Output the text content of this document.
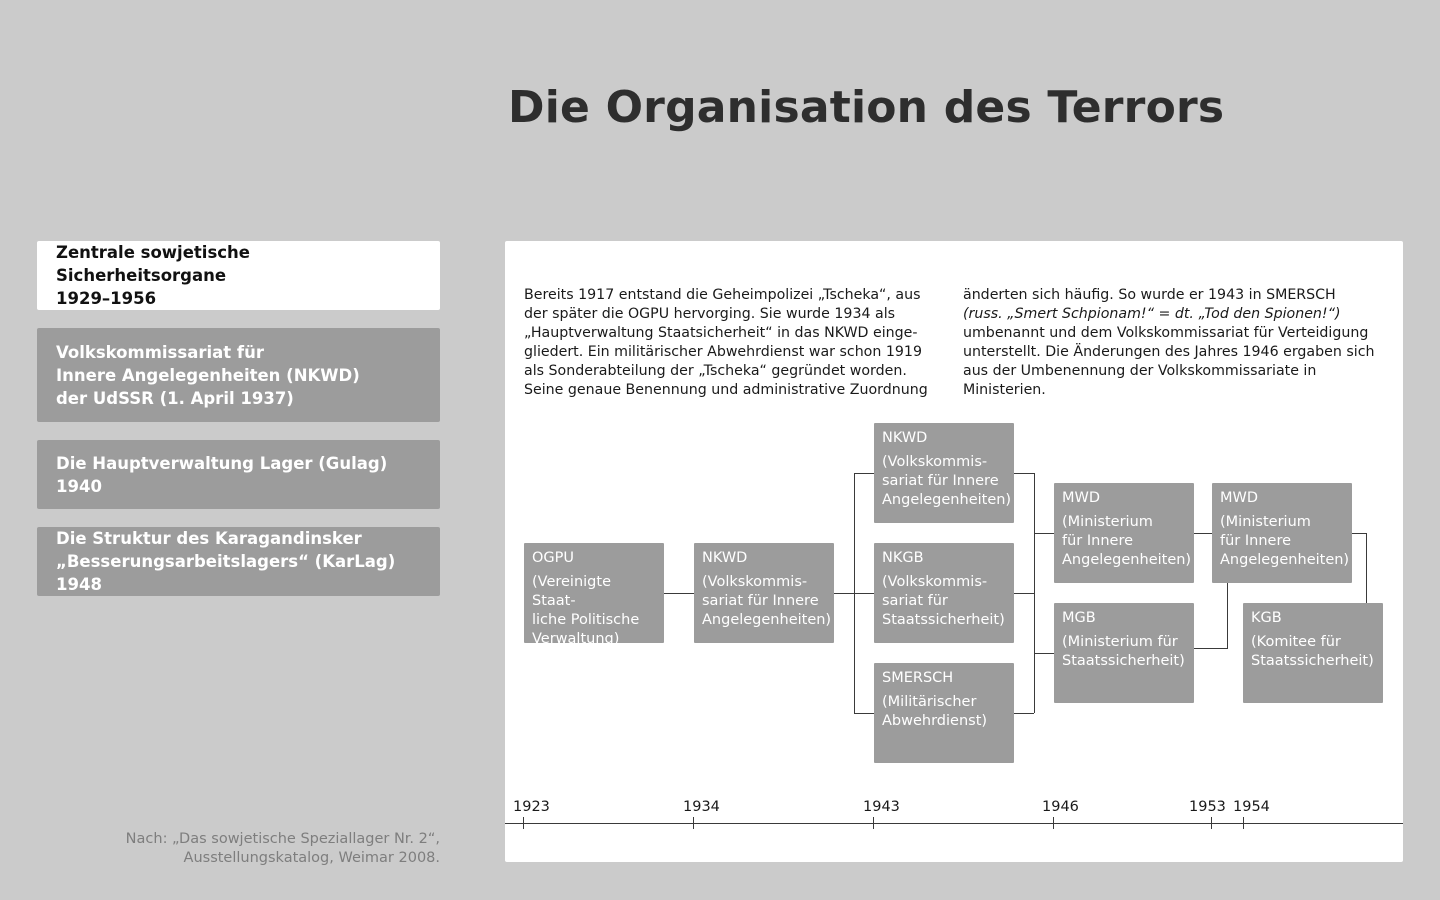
Die Organisation des Terrors
Zentrale sowjetische Sicherheitsorgane
1929–1956
Volkskommissariat für
Innere Angelegenheiten (NKWD)
der UdSSR (1. April 1937)
Die Hauptverwaltung Lager (Gulag) 1940
Die Struktur des Karagandinsker
„Besserungsarbeitslagers“ (KarLag) 1948
Nach: „Das sowjetische Speziallager Nr. 2“,
Ausstellungskatalog, Weimar 2008.
Bereits 1917 entstand die Geheimpolizei „Tscheka“, aus der später die OGPU hervorging. Sie wurde 1934 als „Hauptverwaltung Staatsicherheit“ in das NKWD eingegliedert. Ein militärischer Abwehrdienst war schon 1919 als Sonderabteilung der „Tscheka“ gegründet worden. Seine genaue Benennung und administrative Zuordnung
änderten sich häufig. So wurde er 1943 in SMERSCH
(russ. „Smert Schpionam!“ = dt. „Tod den Spionen!“)
umbenannt und dem Volkskommissariat für Verteidigung unterstellt. Die Änderungen des Jahres 1946 ergaben sich aus der Umbenennung der Volkskommissariate in Ministerien.
OGPU
(Vereinigte Staat-
liche Politische
Verwaltung)
NKWD
(Volkskommis-
sariat für Innere
Angelegenheiten)
NKWD
(Volkskommis-
sariat für Innere
Angelegenheiten)
NKGB
(Volkskommis-
sariat für
Staatssicherheit)
SMERSCH
(Militärischer
Abwehrdienst)
MWD
(Ministerium
für Innere
Angelegenheiten)
MGB
(Ministerium für
Staatssicherheit)
MWD
(Ministerium
für Innere
Angelegenheiten)
KGB
(Komitee für
Staatssicherheit)
1923	1934	1943	1946	1953 1954
